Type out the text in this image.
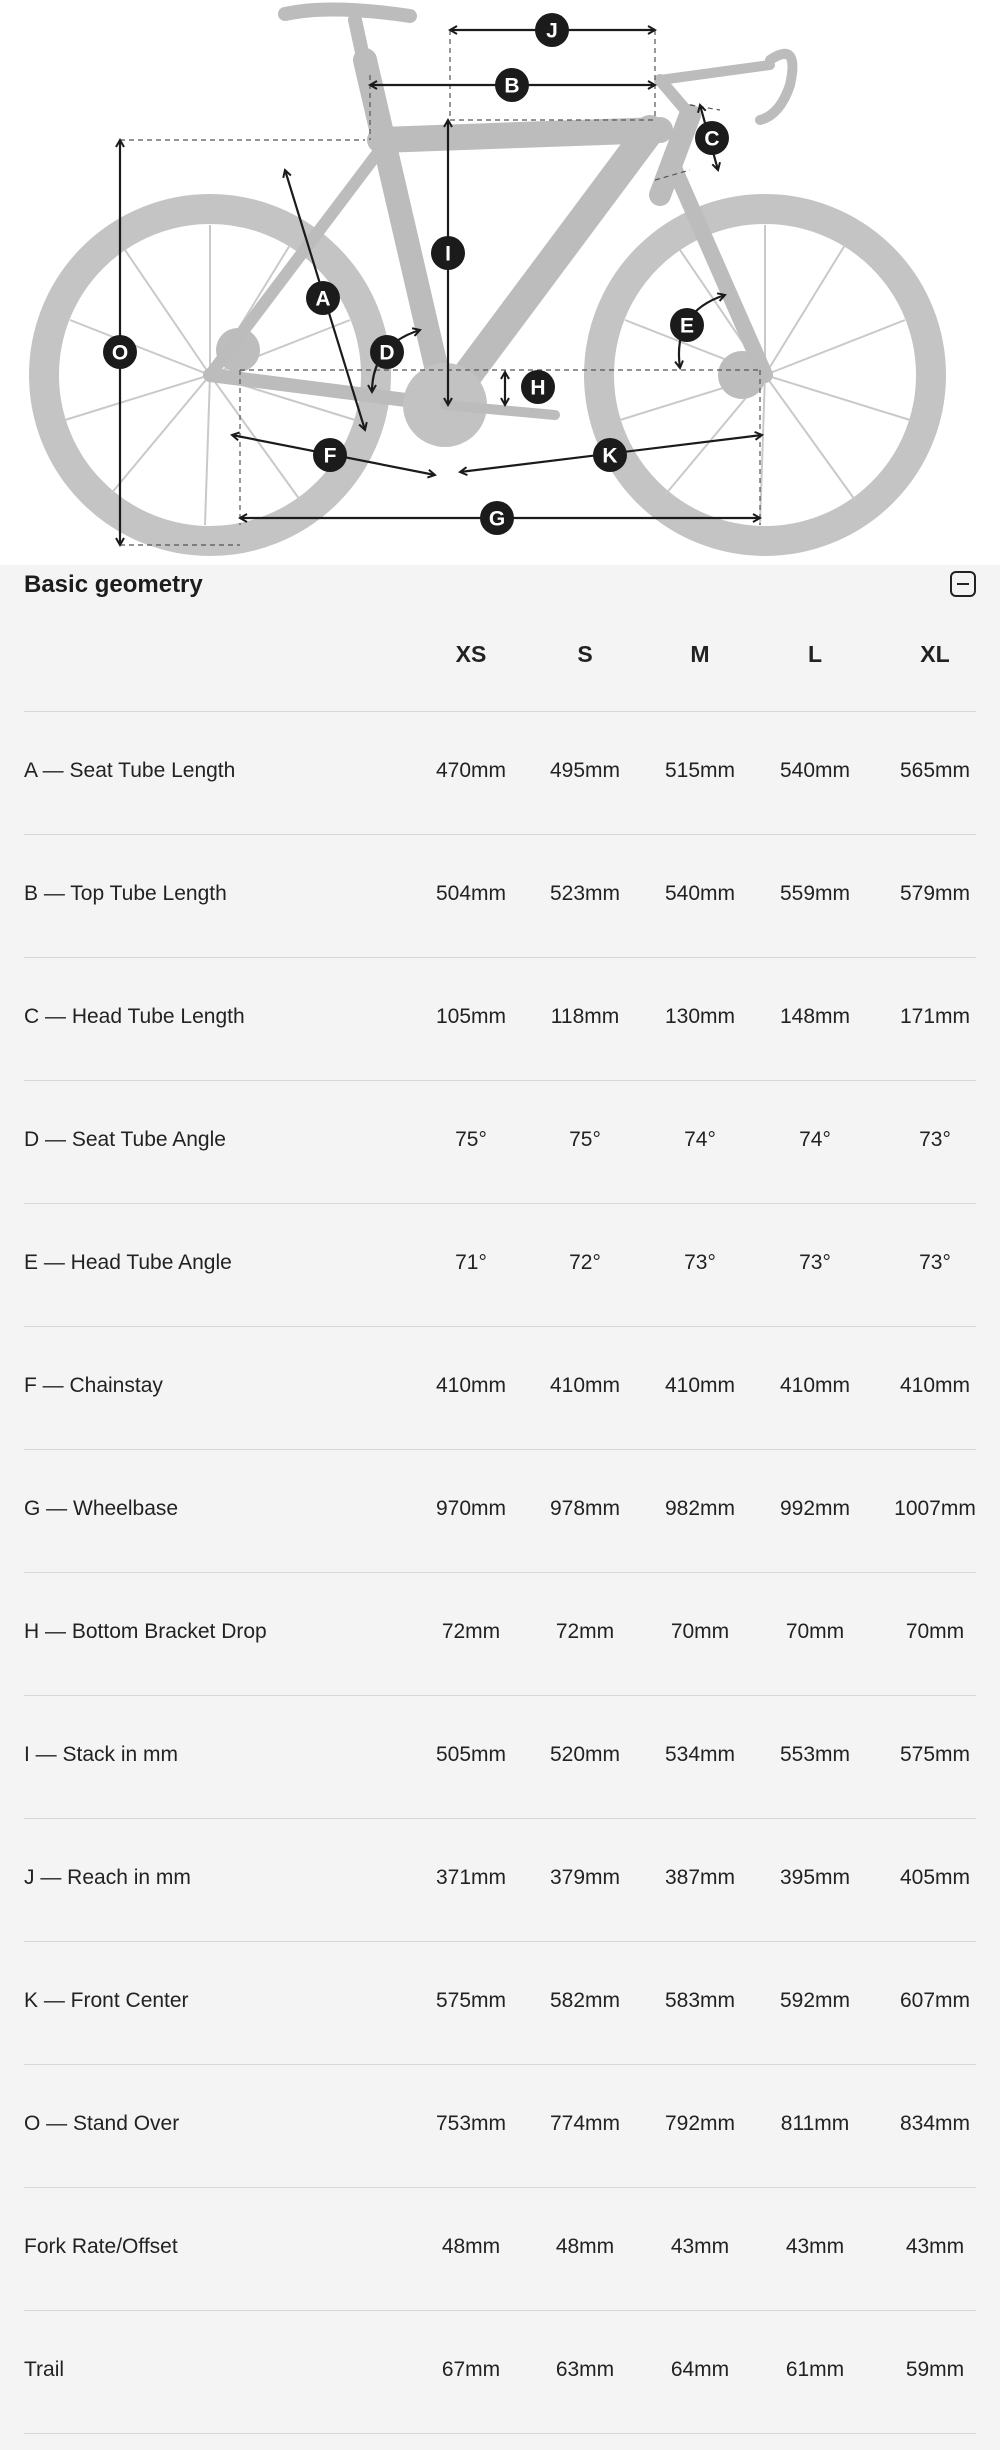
J
B
C
I
A
E
D
O
H
F	K
G
Basic geometry
XS	S	M	L	XL
A — Seat Tube Length	470mm	495mm	515mm	540mm	565mm
B — Top Tube Length	504mm	523mm	540mm	559mm	579mm
C — Head Tube Length	105mm	118mm	130mm	148mm	171mm
D — Seat Tube Angle	75°	75°	74°	74°	73°
E — Head Tube Angle	71°	72°	73°	73°	73°
F — Chainstay	410mm	410mm	410mm	410mm	410mm
G — Wheelbase	970mm	978mm	982mm	992mm	1007mm
H — Bottom Bracket Drop	72mm	72mm	70mm	70mm	70mm
I — Stack in mm	505mm	520mm	534mm	553mm	575mm
J — Reach in mm	371mm	379mm	387mm	395mm	405mm
K — Front Center	575mm	582mm	583mm	592mm	607mm
O — Stand Over	753mm	774mm	792mm	811mm	834mm
Fork Rate/Offset	48mm	48mm	43mm	43mm	43mm
Trail	67mm	63mm	64mm	61mm	59mm
